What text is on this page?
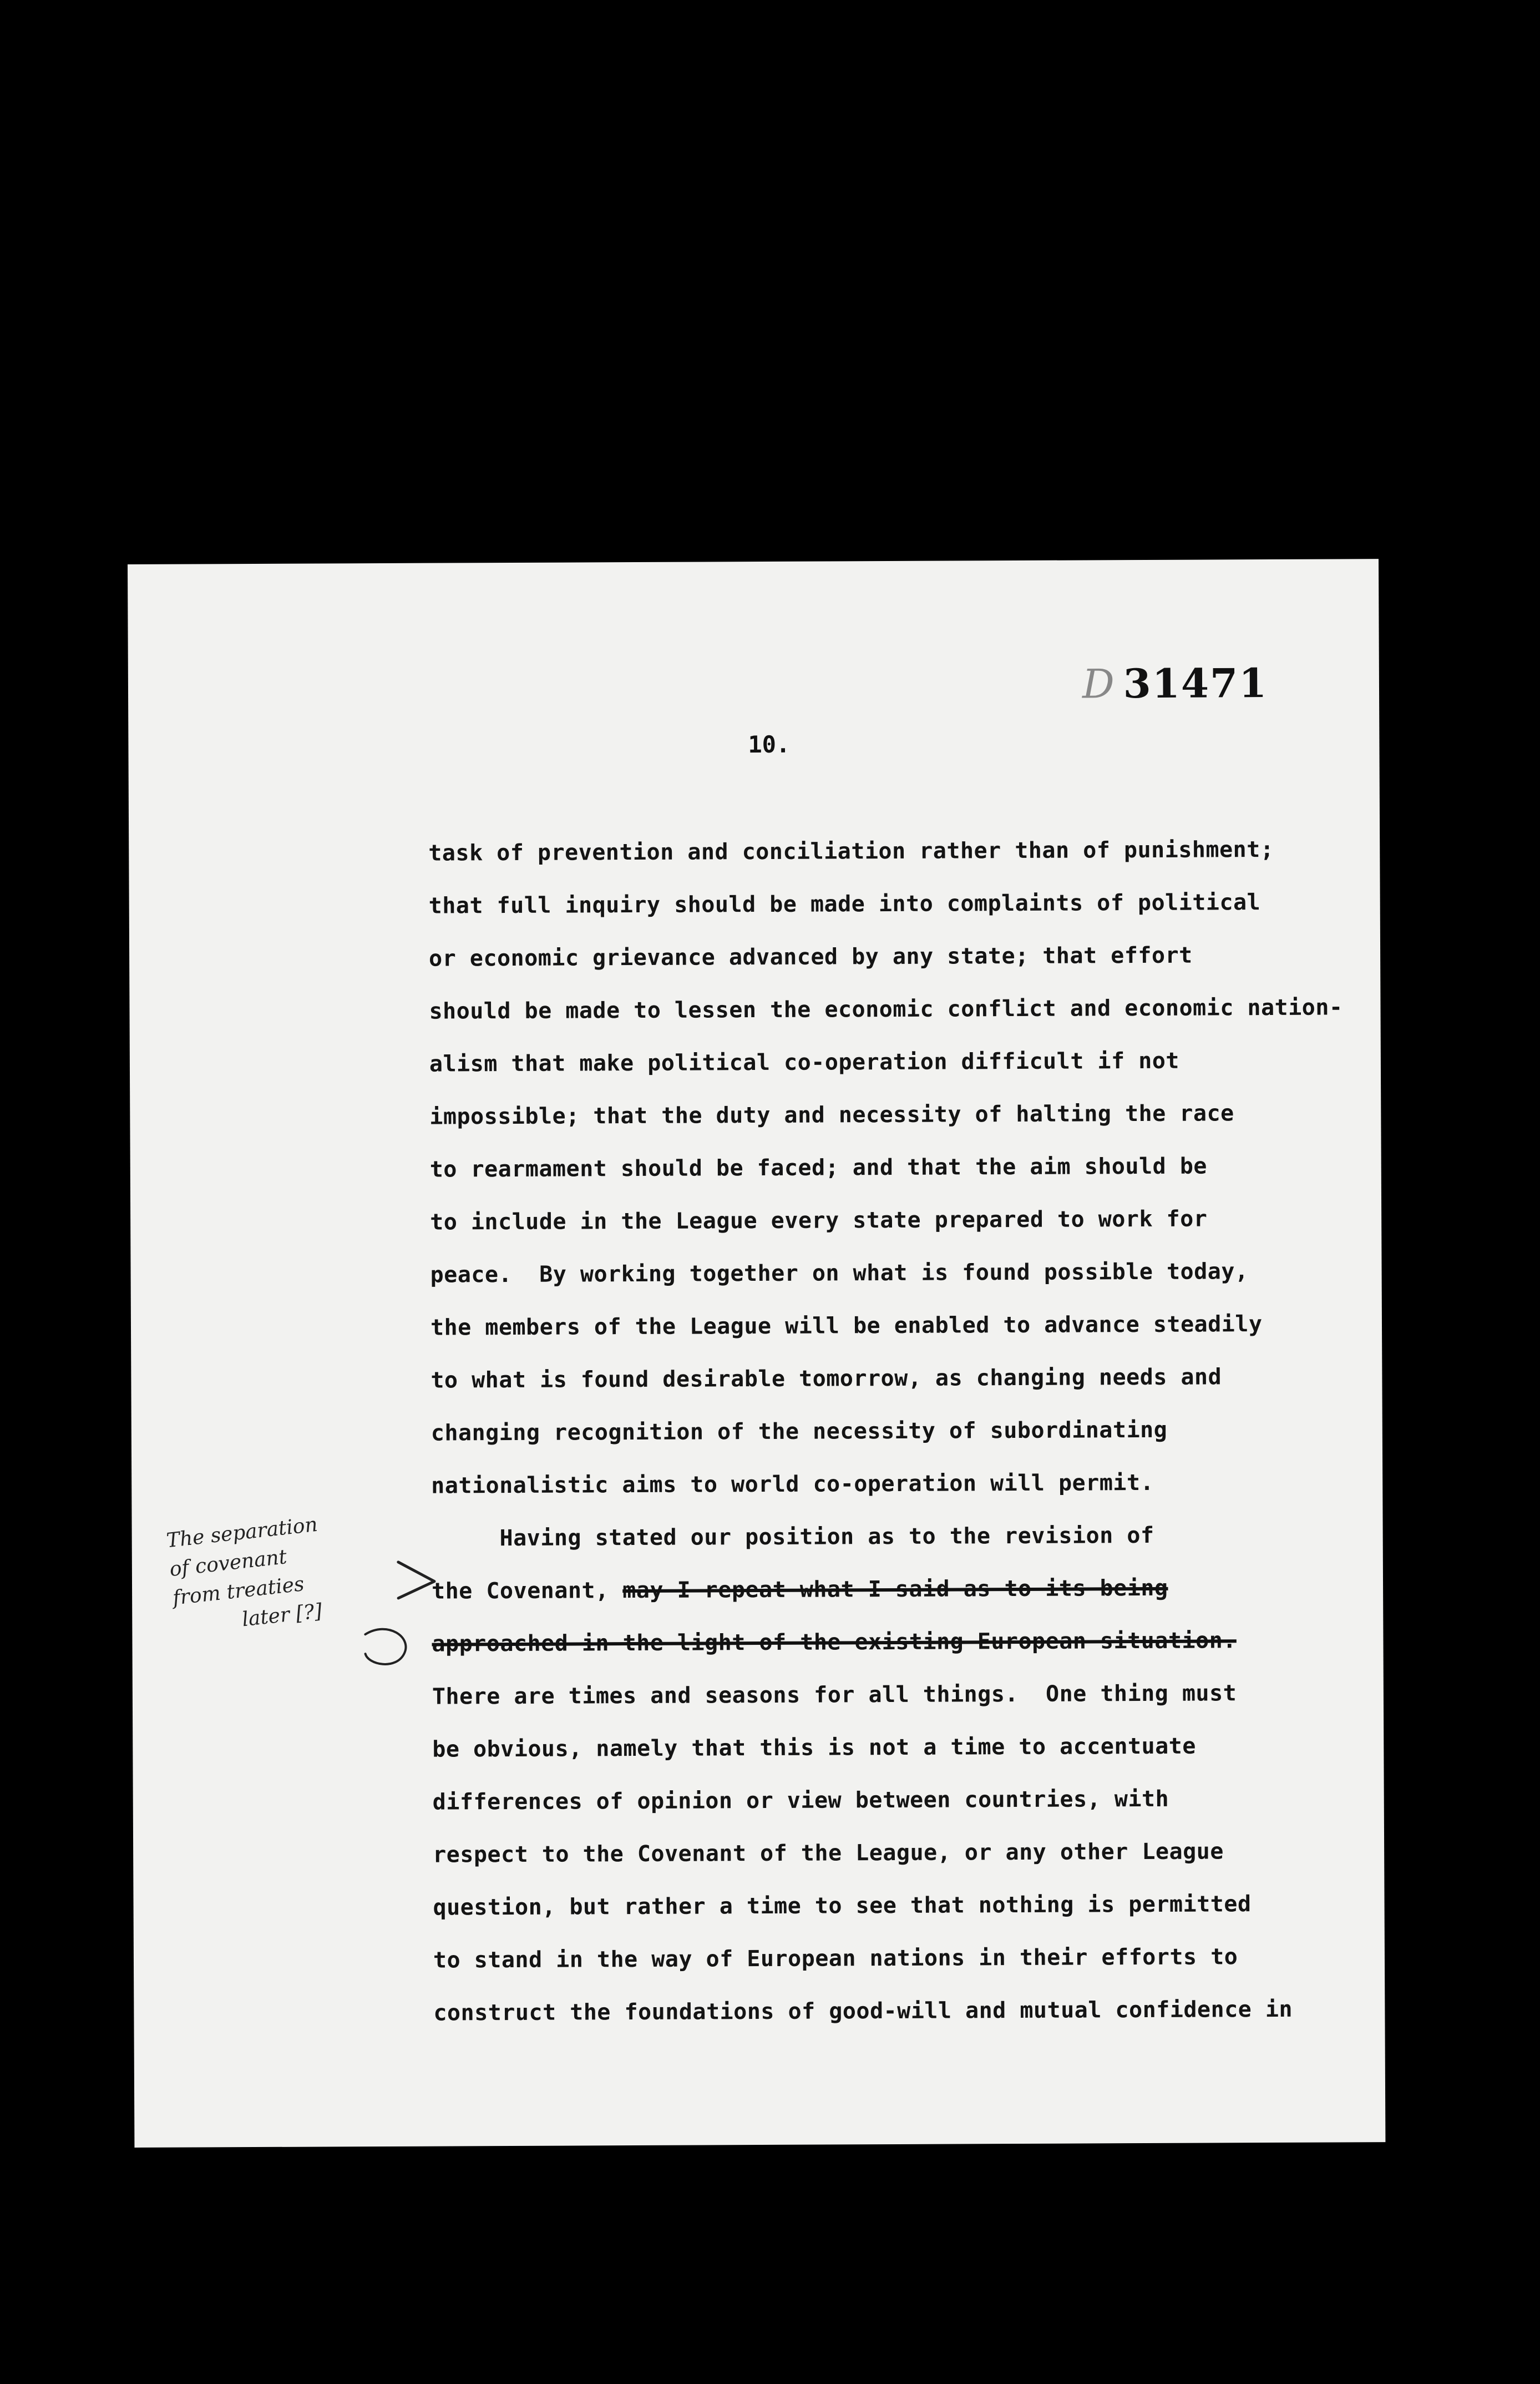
D 31471
10.
task of prevention and conciliation rather than of punishment;
that full inquiry should be made into complaints of political
or economic grievance advanced by any state; that effort
should be made to lessen the economic conflict and economic nation-
alism that make political co-operation difficult if not
impossible; that the duty and necessity of halting the race
to rearmament should be faced; and that the aim should be
to include in the League every state prepared to work for
peace.  By working together on what is found possible today,
the members of the League will be enabled to advance steadily
to what is found desirable tomorrow, as changing needs and
changing recognition of the necessity of subordinating
nationalistic aims to world co-operation will permit.
Having stated our position as to the revision of
the Covenant, may I repeat what I said as to its being
approached in the light of the existing European situation.
There are times and seasons for all things.  One thing must
be obvious, namely that this is not a time to accentuate
differences of opinion or view between countries, with
respect to the Covenant of the League, or any other League
question, but rather a time to see that nothing is permitted
to stand in the way of European nations in their efforts to
construct the foundations of good-will and mutual confidence in
The separation
of covenant
from treaties
later [?]
